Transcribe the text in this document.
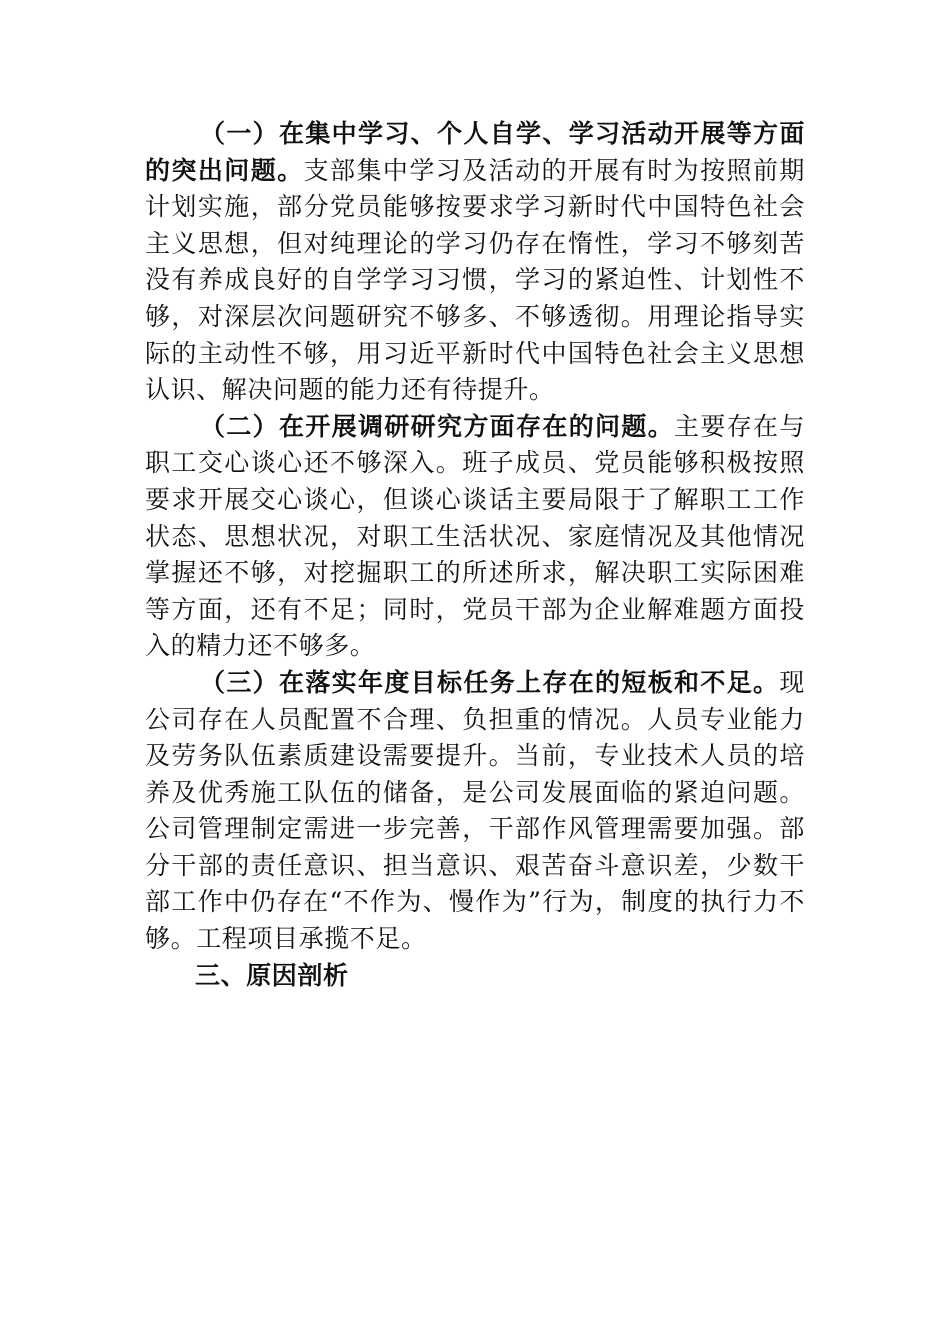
（一）在集中学习、个人自学、学习活动开展等方面的突出问题。支部集中学习及活动的开展有时为按照前期计划实施，部分党员能够按要求学习新时代中国特色社会主义思想，但对纯理论的学习仍存在惰性，学习不够刻苦没有养成良好的自学学习习惯，学习的紧迫性、计划性不够，对深层次问题研究不够多、不够透彻。用理论指导实际的主动性不够，用习近平新时代中国特色社会主义思想认识、解决问题的能力还有待提升。

（二）在开展调研研究方面存在的问题。主要存在与职工交心谈心还不够深入。班子成员、党员能够积极按照要求开展交心谈心，但谈心谈话主要局限于了解职工工作状态、思想状况，对职工生活状况、家庭情况及其他情况掌握还不够，对挖掘职工的所述所求，解决职工实际困难等方面，还有不足；同时，党员干部为企业解难题方面投入的精力还不够多。

（三）在落实年度目标任务上存在的短板和不足。现公司存在人员配置不合理、负担重的情况。人员专业能力及劳务队伍素质建设需要提升。当前，专业技术人员的培养及优秀施工队伍的储备，是公司发展面临的紧迫问题。公司管理制定需进一步完善，干部作风管理需要加强。部分干部的责任意识、担当意识、艰苦奋斗意识差，少数干部工作中仍存在“不作为、慢作为”行为，制度的执行力不够。工程项目承揽不足。

三、原因剖析
